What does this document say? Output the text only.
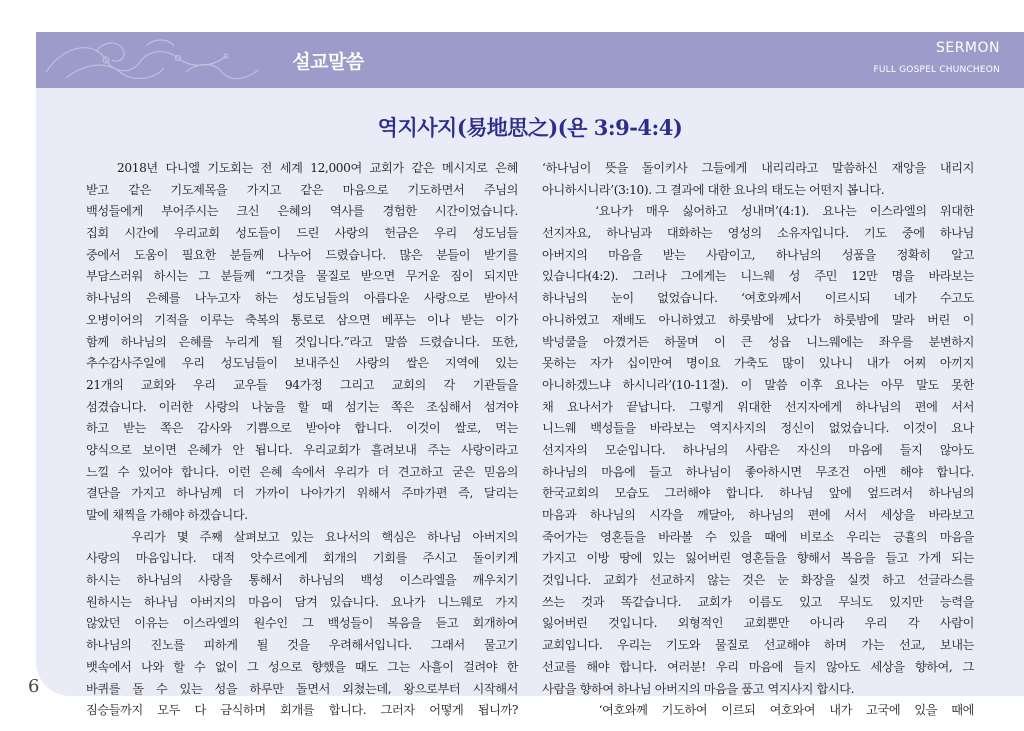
설교말씀
SERMON
FULL GOSPEL CHUNCHEON
역지사지(易地思之)(욘 3:9-4:4)
2018년 다니엘 기도회는 전 세계 12,000여 교회가 같은 메시지로 은혜
받고 같은 기도제목을 가지고 같은 마음으로 기도하면서 주님의
백성들에게 부어주시는 크신 은혜의 역사를 경험한 시간이었습니다.
집회 시간에 우리교회 성도들이 드린 사랑의 헌금은 우리 성도님들
중에서 도움이 필요한 분들께 나누어 드렸습니다. 많은 분들이 받기를
부담스러워 하시는 그 분들께 “그것을 물질로 받으면 무거운 짐이 되지만
하나님의 은혜를 나누고자 하는 성도님들의 아름다운 사랑으로 받아서
오병이어의 기적을 이루는 축복의 통로로 삼으면 베푸는 이나 받는 이가
함께 하나님의 은혜를 누리게 될 것입니다.”라고 말씀 드렸습니다. 또한,
추수감사주일에 우리 성도님들이 보내주신 사랑의 쌀은 지역에 있는
21개의 교회와 우리 교우들 94가정 그리고 교회의 각 기관들을
섬겼습니다. 이러한 사랑의 나눔을 할 때 섬기는 쪽은 조심해서 섬겨야
하고 받는 쪽은 감사와 기쁨으로 받아야 합니다. 이것이 쌀로, 먹는
양식으로 보이면 은혜가 안 됩니다. 우리교회가 흘려보내 주는 사랑이라고
느낄 수 있어야 합니다. 이런 은혜 속에서 우리가 더 견고하고 굳은 믿음의
결단을 가지고 하나님께 더 가까이 나아가기 위해서 주마가편 즉, 달리는
말에 채찍을 가해야 하겠습니다.
우리가 몇 주째 살펴보고 있는 요나서의 핵심은 하나님 아버지의
사랑의 마음입니다. 대적 앗수르에게 회개의 기회를 주시고 돌이키게
하시는 하나님의 사랑을 통해서 하나님의 백성 이스라엘을 깨우치기
원하시는 하나님 아버지의 마음이 담겨 있습니다. 요나가 니느웨로 가지
않았던 이유는 이스라엘의 원수인 그 백성들이 복음을 듣고 회개하여
하나님의 진노를 피하게 될 것을 우려해서입니다. 그래서 물고기
뱃속에서 나와 할 수 없이 그 성으로 향했을 때도 그는 사흘이 걸려야 한
바퀴를 돌 수 있는 성을 하루만 돌면서 외쳤는데, 왕으로부터 시작해서
짐승들까지 모두 다 금식하며 회개를 합니다. 그러자 어떻게 됩니까?
‘하나님이 뜻을 돌이키사 그들에게 내리리라고 말씀하신 재앙을 내리지
아니하시니라’(3:10). 그 결과에 대한 요나의 태도는 어떤지 봅니다.
‘요나가 매우 싫어하고 성내며’(4:1). 요나는 이스라엘의 위대한
선지자요, 하나님과 대화하는 영성의 소유자입니다. 기도 중에 하나님
아버지의 마음을 받는 사람이고, 하나님의 성품을 정확히 알고
있습니다(4:2). 그러나 그에게는 니느웨 성 주민 12만 명을 바라보는
하나님의 눈이 없었습니다. ‘여호와께서 이르시되 네가 수고도
아니하였고 재배도 아니하였고 하룻밤에 났다가 하룻밤에 말라 버린 이
박넝쿨을 아꼈거든 하물며 이 큰 성읍 니느웨에는 좌우를 분변하지
못하는 자가 십이만여 명이요 가축도 많이 있나니 내가 어찌 아끼지
아니하겠느냐 하시니라’(10-11절). 이 말씀 이후 요나는 아무 말도 못한
채 요나서가 끝납니다. 그렇게 위대한 선지자에게 하나님의 편에 서서
니느웨 백성들을 바라보는 역지사지의 정신이 없었습니다. 이것이 요나
선지자의 모순입니다. 하나님의 사람은 자신의 마음에 들지 않아도
하나님의 마음에 들고 하나님이 좋아하시면 무조건 아멘 해야 합니다.
한국교회의 모습도 그러해야 합니다. 하나님 앞에 엎드려서 하나님의
마음과 하나님의 시각을 깨달아, 하나님의 편에 서서 세상을 바라보고
죽어가는 영혼들을 바라볼 수 있을 때에 비로소 우리는 긍휼의 마음을
가지고 이방 땅에 있는 잃어버린 영혼들을 향해서 복음을 들고 가게 되는
것입니다. 교회가 선교하지 않는 것은 눈 화장을 실컷 하고 선글라스를
쓰는 것과 똑같습니다. 교회가 이름도 있고 무늬도 있지만 능력을
잃어버린 것입니다. 외형적인 교회뿐만 아니라 우리 각 사람이
교회입니다. 우리는 기도와 물질로 선교해야 하며 가는 선교, 보내는
선교를 해야 합니다. 여러분! 우리 마음에 들지 않아도 세상을 향하여, 그
사람을 향하여 하나님 아버지의 마음을 품고 역지사지 합시다.
‘여호와께 기도하여 이르되 여호와여 내가 고국에 있을 때에
6
